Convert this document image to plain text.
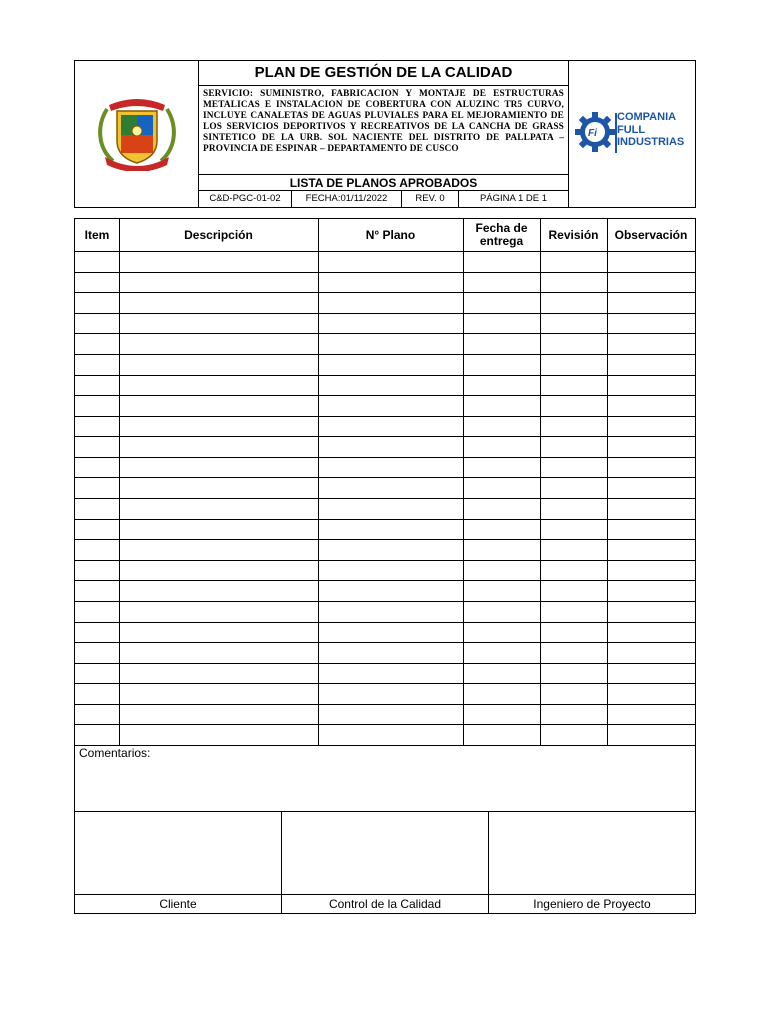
PLAN DE GESTIÓN DE LA CALIDAD
SERVICIO: SUMINISTRO, FABRICACION Y MONTAJE DE ESTRUCTURAS METALICAS E INSTALACION DE COBERTURA CON ALUZINC TR5 CURVO, INCLUYE CANALETAS DE AGUAS PLUVIALES PARA EL MEJORAMIENTO DE LOS SERVICIOS DEPORTIVOS Y RECREATIVOS DE LA CANCHA DE GRASS SINTETICO DE LA URB. SOL NACIENTE DEL DISTRITO DE PALLPATA – PROVINCIA DE ESPINAR – DEPARTAMENTO DE CUSCO
LISTA DE PLANOS APROBADOS
C&D-PGC-01-02	FECHA:01/11/2022	REV. 0	PÁGINA 1 DE 1
Fi
COMPANIA
FULL
INDUSTRIAS
Item	Descripción	N° Plano	Fecha de entrega	Revisión	Observación
Comentarios:
Cliente	Control de la Calidad	Ingeniero de Proyecto
